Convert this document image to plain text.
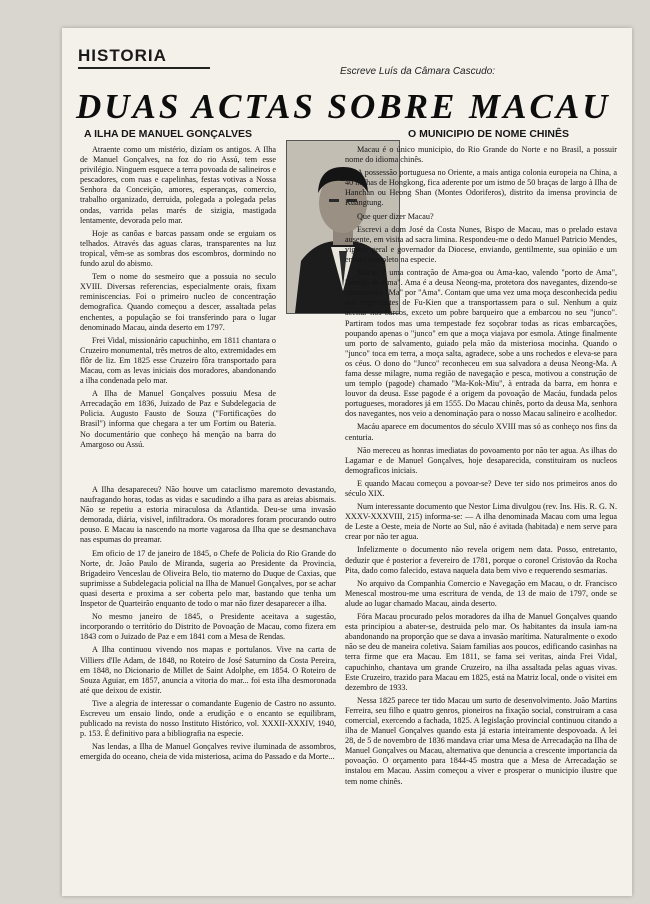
HISTORIA
Escreve Luís da Câmara Cascudo:
DUAS ACTAS SOBRE MACAU
A ILHA DE MANUEL GONÇALVES	O MUNICIPIO DE NOME CHINÊS

Atraente como um mistério, dizíam os antigos. A Ilha de Manuel Gonçalves, na foz do rio Assú, tem esse privilégio. Ninguem esquece a terra povoada de salineiros e pescadores, com ruas e capelinhas, festas votivas a Nossa Senhora da Conceição, amores, esperanças, comercio, trabalho organizado, derruida, polegada a polegada pelas ondas, varrida pelas marés de sizigia, mastigada lentamente, devorada pelo mar.

Hoje as canôas e barcas passam onde se erguiam os telhados. Através das aguas claras, transparentes na luz tropical, vêm-se as sombras dos escombros, dormindo no fundo azul do abismo.

Tem o nome do sesmeiro que a possuia no seculo XVIII. Diversas referencias, especialmente orais, fixam reminiscencias. Foi o primeiro nucleo de concentração demografica. Quando começou a descer, assaltada pelas enchentes, a população se foi transferindo para o lugar denominado Macau, ainda deserto em 1797.

Frei Vidal, missionário capuchinho, em 1811 chantara o Cruzeiro monumental, três metros de alto, extremidades em flôr de liz. Em 1825 esse Cruzeiro fôra transportado para Macau, com as levas iniciais dos moradores, abandonando a ilha condenada pelo mar.

A Ilha de Manuel Gonçalves possuiu Mesa de Arrecadação em 1836, Juizado de Paz e Subdelegacia de Policia. Augusto Fausto de Souza ("Fortificações do Brasil") informa que chegara a ter um Fortim ou Bateria. No documentário que conheço há menção na barra do Amargoso ou Assú.

A Ilha desapareceu? Não houve um cataclismo maremoto devastando, naufragando horas, todas as vidas e sacudindo a ilha para as areias abismais. Não se repetiu a estoria miraculosa da Atlantida. Deu-se uma invasão demorada, diária, visivel, infiltradora. Os moradores foram procurando outro pouso. E Macau ia nascendo na morte vagarosa da Ilha que se desmanchava nas espumas do preamar.

Em oficio de 17 de janeiro de 1845, o Chefe de Policia do Rio Grande do Norte, dr. João Paulo de Miranda, sugeria ao Presidente da Provincia, Brigadeiro Venceslau de Oliveira Belo, tio materno do Duque de Caxias, que suprimisse a Subdelegacia policial na Ilha de Manuel Gonçalves, por se achar quasi deserta e proxima a ser coberta pelo mar, bastando que tenha um Inspetor de Quarteirão enquanto de todo o mar não fizer desaparecer a ilha.

No mesmo janeiro de 1845, o Presidente aceitava a sugestão, incorporando o território do Distrito de Povoação de Macau, como fizera em 1843 com o Juizado de Paz e em 1841 com a Mesa de Rendas.

A Ilha continuou vivendo nos mapas e portulanos. Vive na carta de Villiers d'Ile Adam, de 1848, no Roteiro de José Saturnino da Costa Pereira, em 1848, no Dicionario de Millet de Saint Adolphe, em 1854. O Roteiro de Souza Aguiar, em 1857, anuncia a vitoria do mar... foi esta ilha desmoronada até que deixou de existir.

Tive a alegria de interessar o comandante Eugenio de Castro no assunto. Escreveu um ensaio lindo, onde a erudição e o encanto se equilibram, publicado na revista do nosso Instituto Histórico, vol. XXXII-XXXIV, 1940, p. 153. É definitivo para a bibliografia na especie.

Nas lendas, a Ilha de Manuel Gonçalves revive iluminada de assombros, emergida do oceano, cheia de vida misteriosa, acima do Passado e da Morte...

Macau é o único municipio, do Rio Grande do Norte e no Brasil, a possuir nome do idioma chinês.

A possessão portuguesa no Oriente, a mais antiga colonia europeia na China, a 40 milhas de Hongkong, fica aderente por um istmo de 50 braças de largo à Ilha de Hanchan ou Heong Shan (Montes Odoriferos), distrito da imensa provincia de Kuangtung.

Que quer dizer Macau?

Escrevi a dom José da Costa Nunes, Bispo de Macau, mas o prelado estava ausente, em visita ad sacra limina. Respondeu-me o dedo Manuel Patricio Mendes, vigario geral e governador da Diocese, enviando, gentilmente, sua opinião e um ensaio completo na especie.

Macau é uma contração de Ama-goa ou Ama-kao, valendo "porto de Ama", "abrigo de Ama". Ama é a deusa Neong-ma, protetora dos navegantes, dizendo-se comumente "Ma" por "Ama". Contam que uma vez uma moça desconhecida pediu aos negociantes de Fu-Kien que a transportassem para o sul. Nenhum a quiz aceitar nos barcos, exceto um pobre barqueiro que a embarcou no seu "junco". Partiram todos mas uma tempestade fez soçobrar todas as ricas embarcações, poupando apenas o "junco" em que a moça viajava por esmola. Atinge finalmente um porto de salvamento, guiado pela mão da misteriosa mocinha. Quando o "junco" toca em terra, a moça salta, agradece, sobe a uns rochedos e eleva-se para os céus. O dono do "Junco" reconheceu em sua salvadora a deusa Neong-Ma. A fama desse milagre, numa região de navegação e pesca, motivou a construção de um templo (pagode) chamado "Ma-Kok-Miu", à entrada da barra, em honra e louvor da deusa. Esse pagode é a origem da povoação de Macáu, fundada pelos portugueses, moradores já em 1555. Do Macau chinês, porto da deusa Ma, senhora dos navegantes, nos veio a denominação para o nosso Macau salineiro e acolhedor.

Macáu aparece em documentos do século XVIII mas só as conheço nos fins da centuria.

Não mereceu as honras imediatas do povoamento por não ter agua. As ilhas do Lagamar e de Manuel Gonçalves, hoje desaparecida, constituiram os nucleos demograficos iniciais.

E quando Macau começou a povoar-se? Deve ter sido nos primeiros anos do século XIX.

Num interessante documento que Nestor Lima divulgou (rev. Ins. His. R. G. N. XXXV-XXXVIII, 215) informa-se: — A ilha denominada Macau com uma legua de Leste a Oeste, meia de Norte ao Sul, não é avitada (habitada) e nem serve para crear por não ter agua.

Infelizmente o documento não revela origem nem data. Posso, entretanto, deduzir que é posterior a fevereiro de 1781, porque o coronel Cristovão da Rocha Pita, dado como falecido, estava naquela data bem vivo e requerendo sesmarias.

No arquivo da Companhia Comercio e Navegação em Macau, o dr. Francisco Menescal mostrou-me uma escritura de venda, de 13 de maio de 1797, onde se alude ao lugar chamado Macau, ainda deserto.

Fóra Macau procurado pelos moradores da ilha de Manuel Gonçalves quando esta principiou a abater-se, destruida pelo mar. Os habitantes da insula iam-na abandonando na proporção que se dava a invasão marítima. Naturalmente o exodo não se deu de maneira coletiva. Saiam familias aos poucos, edificando casinhas na terra firme que era Macau. Em 1811, se fama sei veritas, ainda Frei Vidal, capuchinho, chantava um grande Cruzeiro, na ilha assaltada pelas aguas vivas. Este Cruzeiro, trazido para Macau em 1825, está na Matriz local, onde o visitei em dezembro de 1933.

Nessa 1825 parece ter tido Macau um surto de desenvolvimento. João Martins Ferreira, seu filho e quatro genros, pioneiros na fixação social, construiram a casa comercial, exercendo a fachada, 1825. A legislação provincial continuou citando a ilha de Manuel Gonçalves quando esta já estaria inteiramente despovoada. A lei 28, de 5 de novembro de 1836 mandava criar uma Mesa de Arrecadação na Ilha de Manuel Gonçalves ou Macau, alternativa que denuncia a crescente importancia da povoação. O orçamento para 1844-45 mostra que a Mesa de Arrecadação se instalou em Macau. Assim começou a viver e prosperar o municipio ilustre que tem nome chinês.
